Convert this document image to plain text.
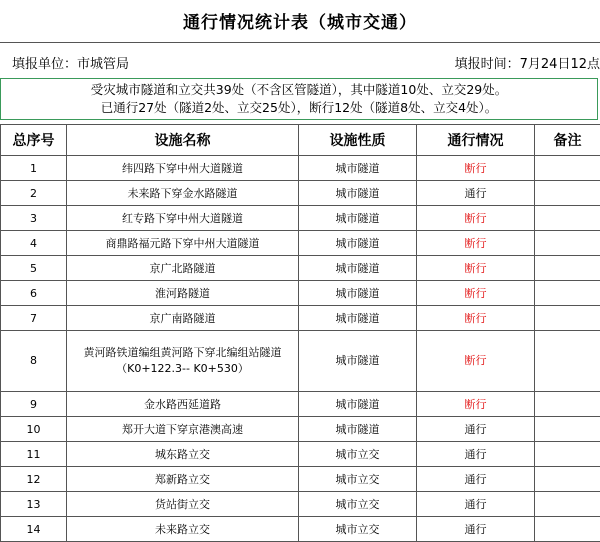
通行情况统计表（城市交通）
填报单位：市城管局	填报时间：7月24日12点
受灾城市隧道和立交共39处（不含区管隧道），其中隧道10处、立交29处。
已通行27处（隧道2处、立交25处），断行12处（隧道8处、立交4处）。
总序号	设施名称	设施性质	通行情况	备注
1	纬四路下穿中州大道隧道	城市隧道	断行	
2	未来路下穿金水路隧道	城市隧道	通行	
3	红专路下穿中州大道隧道	城市隧道	断行	
4	商鼎路福元路下穿中州大道隧道	城市隧道	断行	
5	京广北路隧道	城市隧道	断行	
6	淮河路隧道	城市隧道	断行	
7	京广南路隧道	城市隧道	断行	
8	黄河路铁道编组黄河路下穿北编组站隧道
（K0+122.3-- K0+530）	城市隧道	断行	
9	金水路西延道路	城市隧道	断行	
10	郑开大道下穿京港澳高速	城市隧道	通行	
11	城东路立交	城市立交	通行	
12	郑新路立交	城市立交	通行	
13	货站街立交	城市立交	通行	
14	未来路立交	城市立交	通行	
